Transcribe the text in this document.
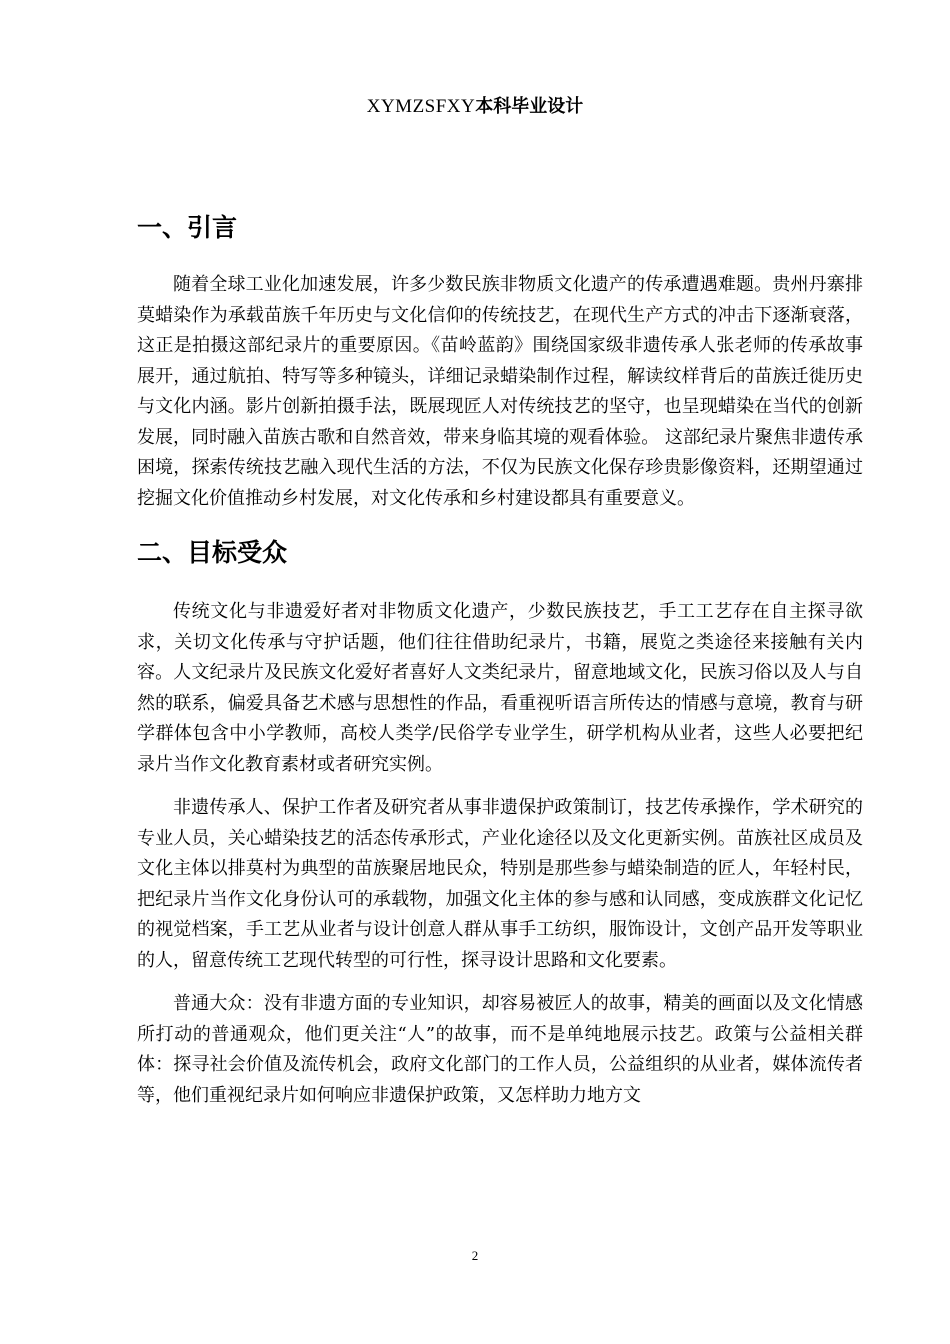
XYMZSFXY本科毕业设计
一、引言

随着全球工业化加速发展，许多少数民族非物质文化遗产的传承遭遇难题。贵州丹寨排莫蜡染作为承载苗族千年历史与文化信仰的传统技艺，在现代生产方式的冲击下逐渐衰落，这正是拍摄这部纪录片的重要原因。《苗岭蓝韵》围绕国家级非遗传承人张老师的传承故事展开，通过航拍、特写等多种镜头，详细记录蜡染制作过程，解读纹样背后的苗族迁徙历史与文化内涵。影片创新拍摄手法，既展现匠人对传统技艺的坚守，也呈现蜡染在当代的创新发展，同时融入苗族古歌和自然音效，带来身临其境的观看体验。 这部纪录片聚焦非遗传承困境，探索传统技艺融入现代生活的方法，不仅为民族文化保存珍贵影像资料，还期望通过挖掘文化价值推动乡村发展，对文化传承和乡村建设都具有重要意义。

二、目标受众

传统文化与非遗爱好者对非物质文化遗产，少数民族技艺，手工工艺存在自主探寻欲求，关切文化传承与守护话题，他们往往借助纪录片，书籍，展览之类途径来接触有关内容。人文纪录片及民族文化爱好者喜好人文类纪录片，留意地域文化，民族习俗以及人与自然的联系，偏爱具备艺术感与思想性的作品，看重视听语言所传达的情感与意境，教育与研学群体包含中小学教师，高校人类学/民俗学专业学生，研学机构从业者，这些人必要把纪录片当作文化教育素材或者研究实例。

非遗传承人、保护工作者及研究者从事非遗保护政策制订，技艺传承操作，学术研究的专业人员，关心蜡染技艺的活态传承形式，产业化途径以及文化更新实例。苗族社区成员及文化主体以排莫村为典型的苗族聚居地民众，特别是那些参与蜡染制造的匠人，年轻村民，把纪录片当作文化身份认可的承载物，加强文化主体的参与感和认同感，变成族群文化记忆的视觉档案，手工艺从业者与设计创意人群从事手工纺织，服饰设计，文创产品开发等职业的人，留意传统工艺现代转型的可行性，探寻设计思路和文化要素。

普通大众：没有非遗方面的专业知识，却容易被匠人的故事，精美的画面以及文化情感所打动的普通观众，他们更关注“人”的故事，而不是单纯地展示技艺。政策与公益相关群体：探寻社会价值及流传机会，政府文化部门的工作人员，公益组织的从业者，媒体流传者等，他们重视纪录片如何响应非遗保护政策，又怎样助力地方文

2
